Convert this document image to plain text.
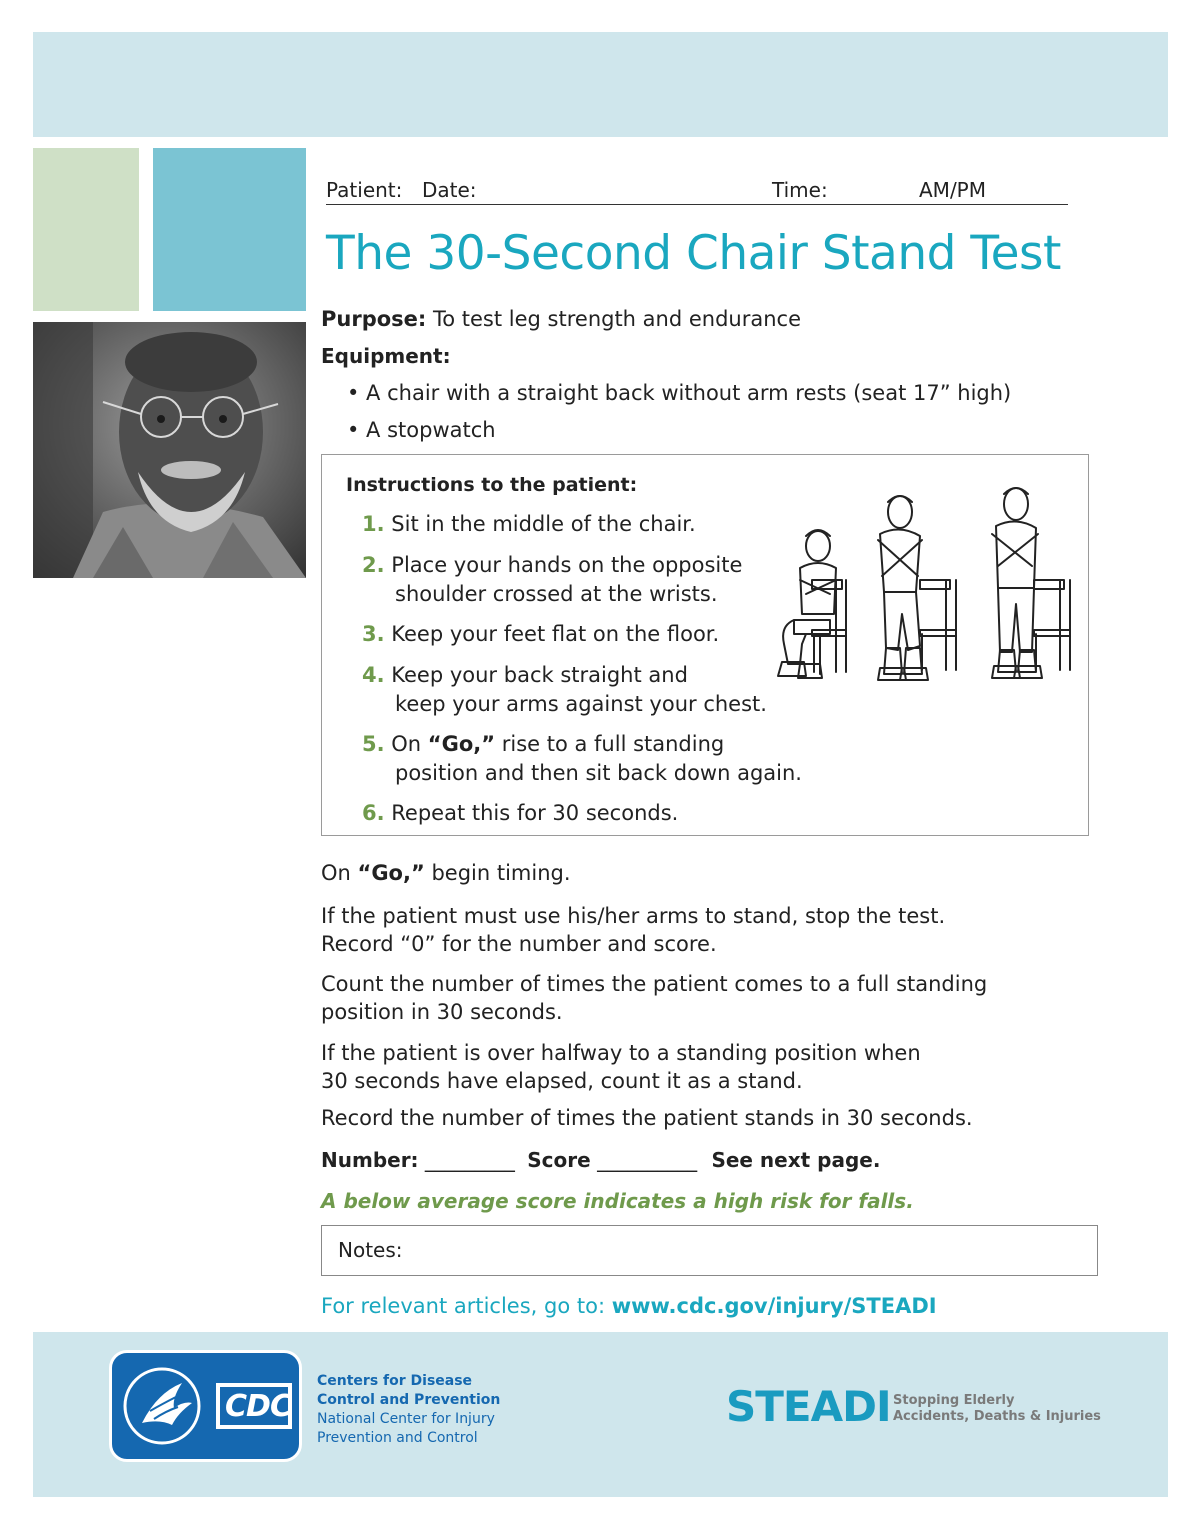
Patient: Date:	Time:	AM/PM
The 30-Second Chair Stand Test
Purpose: To test leg strength and endurance
Equipment:
• A chair with a straight back without arm rests (seat 17” high)
• A stopwatch
Instructions to the patient:
1. Sit in the middle of the chair.
2. Place your hands on the opposite
shoulder crossed at the wrists.
3. Keep your feet flat on the floor.
4. Keep your back straight and
keep your arms against your chest.
5. On “Go,” rise to a full standing
position and then sit back down again.
6. Repeat this for 30 seconds.
On “Go,” begin timing.
If the patient must use his/her arms to stand, stop the test.
Record “0” for the number and score.
Count the number of times the patient comes to a full standing
position in 30 seconds.
If the patient is over halfway to a standing position when
30 seconds have elapsed, count it as a stand.
Record the number of times the patient stands in 30 seconds.
Number: _________ Score __________ See next page.
A below average score indicates a high risk for falls.
Notes:
For relevant articles, go to: www.cdc.gov/injury/STEADI
CDC
Centers for Disease
Control and Prevention
National Center for Injury
Prevention and Control
STEADI Stopping Elderly
Accidents, Deaths & Injuries
